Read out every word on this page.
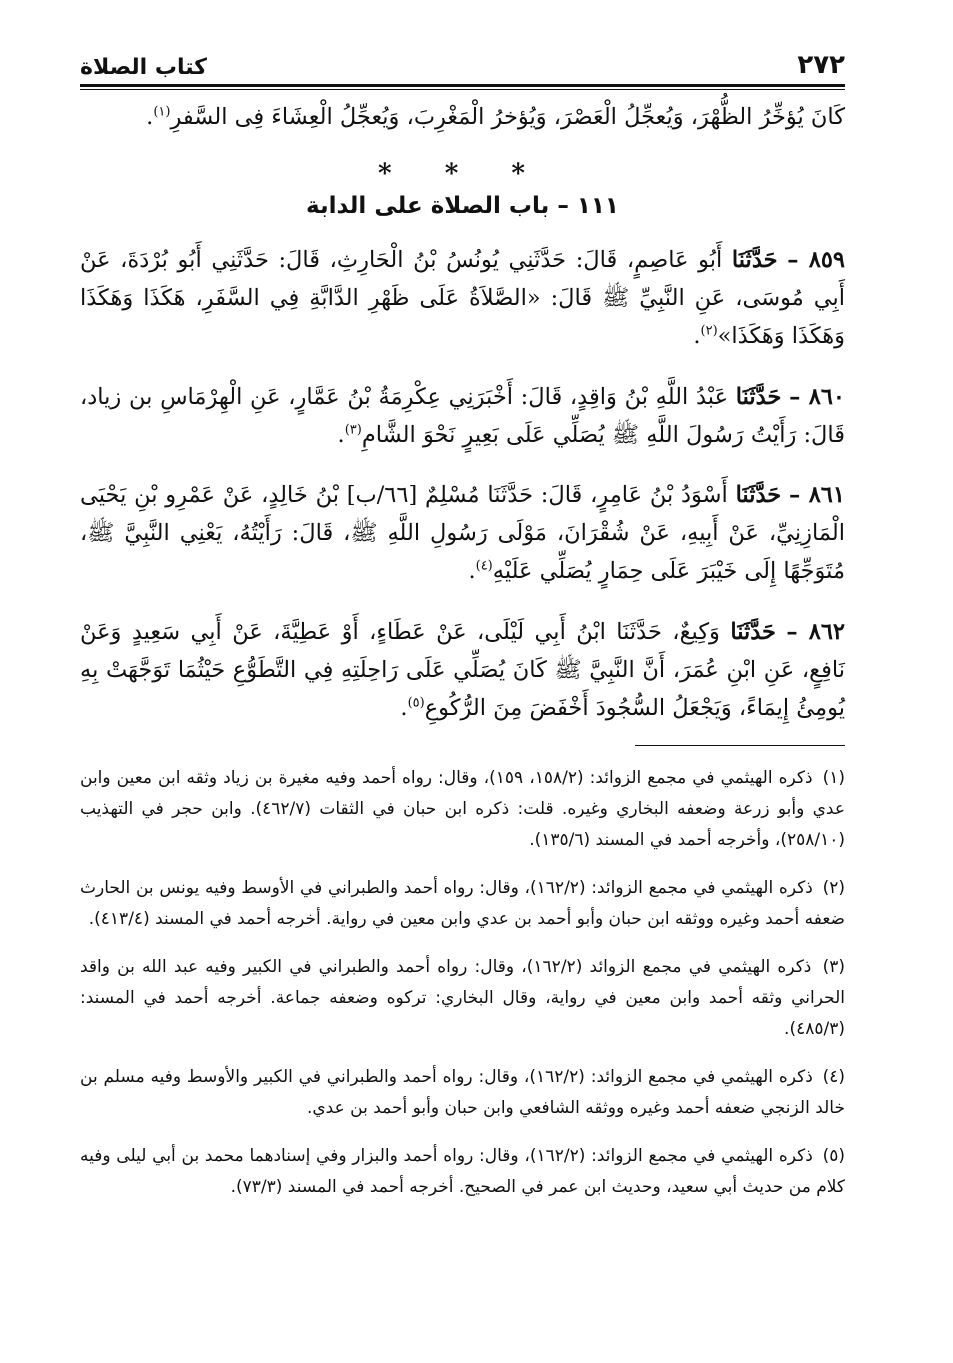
٢٧٢
كتاب الصلاة

كَانَ يُؤخِّرُ الظُّهْرَ، وَيُعجِّلُ الْعَصْرَ، وَيُؤخرُ الْمَغْرِبَ، وَيُعجِّلُ الْعِشَاءَ فِى السَّفرِ$^{(١)}$.

* * *
١١١ – باب الصلاة على الدابة

٨٥٩ – حَدَّثَنَا أَبُو عَاصِمٍ، قَالَ: حَدَّثَنِي يُونُسُ بْنُ الْحَارِثِ، قَالَ: حَدَّثَنِي أَبُو بُرْدَةَ، عَنْ أَبِي مُوسَى، عَنِ النَّبِيِّ ﷺ قَالَ: «الصَّلاَةُ عَلَى ظَهْرِ الدَّابَّةِ فِي السَّفَرِ، هَكَذَا وَهَكَذَا وَهَكَذَا وَهَكَذَا»$^{(٢)}$.

٨٦٠ – حَدَّثَنَا عَبْدُ اللَّهِ بْنُ وَاقِدٍ، قَالَ: أَخْبَرَنِي عِكْرِمَةُ بْنُ عَمَّارٍ، عَنِ الْهِرْمَاسِ بن زياد، قَالَ: رَأَيْتُ رَسُولَ اللَّهِ ﷺ يُصَلِّي عَلَى بَعِيرٍ نَحْوَ الشَّامِ$^{(٣)}$.

٨٦١ – حَدَّثَنَا أَسْوَدُ بْنُ عَامِرٍ، قَالَ: حَدَّثَنَا مُسْلِمٌ [٦٦/ب] بْنُ خَالِدٍ، عَنْ عَمْرِو بْنِ يَحْيَى الْمَازِنِيِّ، عَنْ أَبِيهِ، عَنْ شُقْرَانَ، مَوْلَى رَسُولِ اللَّهِ ﷺ، قَالَ: رَأَيْتُهُ، يَعْنِي النَّبِيَّ ﷺ، مُتَوَجِّهًا إِلَى خَيْبَرَ عَلَى حِمَارٍ يُصَلِّي عَلَيْهِ$^{(٤)}$.

٨٦٢ – حَدَّثَنَا وَكِيعٌ، حَدَّثَنَا ابْنُ أَبِي لَيْلَى، عَنْ عَطَاءٍ، أَوْ عَطِيَّةَ، عَنْ أَبِي سَعِيدٍ وَعَنْ نَافِعٍ، عَنِ ابْنِ عُمَرَ، أَنَّ النَّبِيَّ ﷺ كَانَ يُصَلِّي عَلَى رَاحِلَتِهِ فِي التَّطَوُّعِ حَيْثُمَا تَوَجَّهَتْ بِهِ يُومِئُ إِيمَاءً، وَيَجْعَلُ السُّجُودَ أَخْفَضَ مِنَ الرُّكُوعِ$^{(٥)}$.

(١) ذكره الهيثمي في مجمع الزوائد: (١٥٨/٢، ١٥٩)، وقال: رواه أحمد وفيه مغيرة بن زياد وثقه ابن معين وابن عدي وأبو زرعة وضعفه البخاري وغيره. قلت: ذكره ابن حبان في الثقات (٤٦٢/٧). وابن حجر في التهذيب (٢٥٨/١٠)، وأخرجه أحمد في المسند (١٣٥/٦).

(٢) ذكره الهيثمي في مجمع الزوائد: (١٦٢/٢)، وقال: رواه أحمد والطبراني في الأوسط وفيه يونس بن الحارث ضعفه أحمد وغيره ووثقه ابن حبان وأبو أحمد بن عدي وابن معين في رواية. أخرجه أحمد في المسند (٤١٣/٤).

(٣) ذكره الهيثمي في مجمع الزوائد (١٦٢/٢)، وقال: رواه أحمد والطبراني في الكبير وفيه عبد الله بن واقد الحراني وثقه أحمد وابن معين في رواية، وقال البخاري: تركوه وضعفه جماعة. أخرجه أحمد في المسند: (٤٨٥/٣).

(٤) ذكره الهيثمي في مجمع الزوائد: (١٦٢/٢)، وقال: رواه أحمد والطبراني في الكبير والأوسط وفيه مسلم بن خالد الزنجي ضعفه أحمد وغيره ووثقه الشافعي وابن حبان وأبو أحمد بن عدي.

(٥) ذكره الهيثمي في مجمع الزوائد: (١٦٢/٢)، وقال: رواه أحمد والبزار وفي إسنادهما محمد بن أبي ليلى وفيه كلام من حديث أبي سعيد، وحديث ابن عمر في الصحيح. أخرجه أحمد في المسند (٧٣/٣).
